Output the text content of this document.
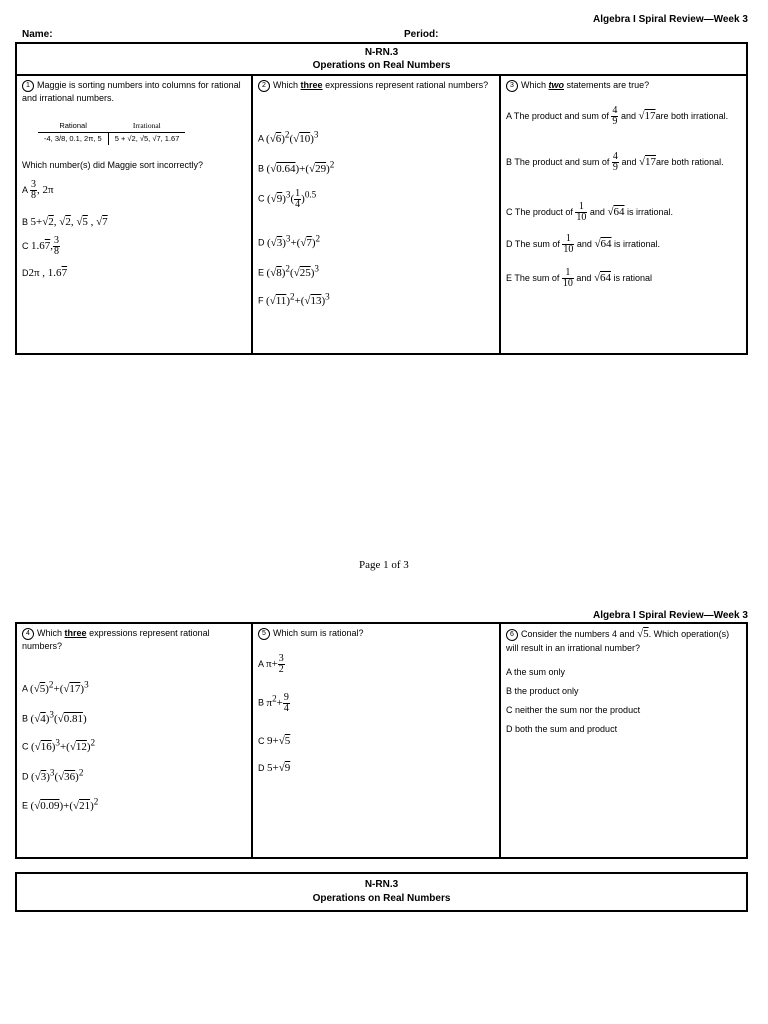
Algebra I Spiral Review—Week 3
Name:	Period:
N-RN.3
Operations on Real Numbers
1 Maggie is sorting numbers into columns for rational and irrational numbers.
Rational	Irrational
-4, 3/8, 0.1, 2π, 5	5 + √2, √5, √7, 1.67
Which number(s) did Maggie sort incorrectly?
A $\frac{3}{8}$ , 2π
B 5+√2, √2, √5 , √7
C 1.67, $\frac{3}{8}$
D2π , 1.67
2 Which three expressions represent rational numbers?
A $(√6)^2(√10)^3$
B $(√0.64)+(√29)^2$
C $(√9)^3( \frac{1}{4} )^{0.5}$
D $(√3)^3+(√7)^2$
E $(√8)^2(√25)^3$
F $(√11)^2+(√13)^3$
3 Which two statements are true?
A The product and sum of $\frac{4}{9}$ and √17are both irrational.
B The product and sum of $\frac{4}{9}$ and √17are both rational.
C The product of $\frac{1}{10}$ and √64 is irrational.
D The sum of $\frac{1}{10}$ and √64 is irrational.
E The sum of $\frac{1}{10}$ and √64 is rational
Page 1 of 3
Algebra I Spiral Review—Week 3
4 Which three expressions represent rational numbers?
A $(√5)^2+(√17)^3$
B $(√4)^3(√0.81)$
C $(√16)^3+(√12)^2$
D $(√3)^3(√36)^2$
E $(√0.09)+(√21)^2$
5 Which sum is rational?
A $\pi+ \frac{3}{2}$
B $\pi^2+ \frac{9}{4}$
C 9+√5
D 5+√9
6 Consider the numbers 4 and √5. Which operation(s) will result in an irrational number?
A the sum only
B the product only
C neither the sum nor the product
D both the sum and product
N-RN.3
Operations on Real Numbers
